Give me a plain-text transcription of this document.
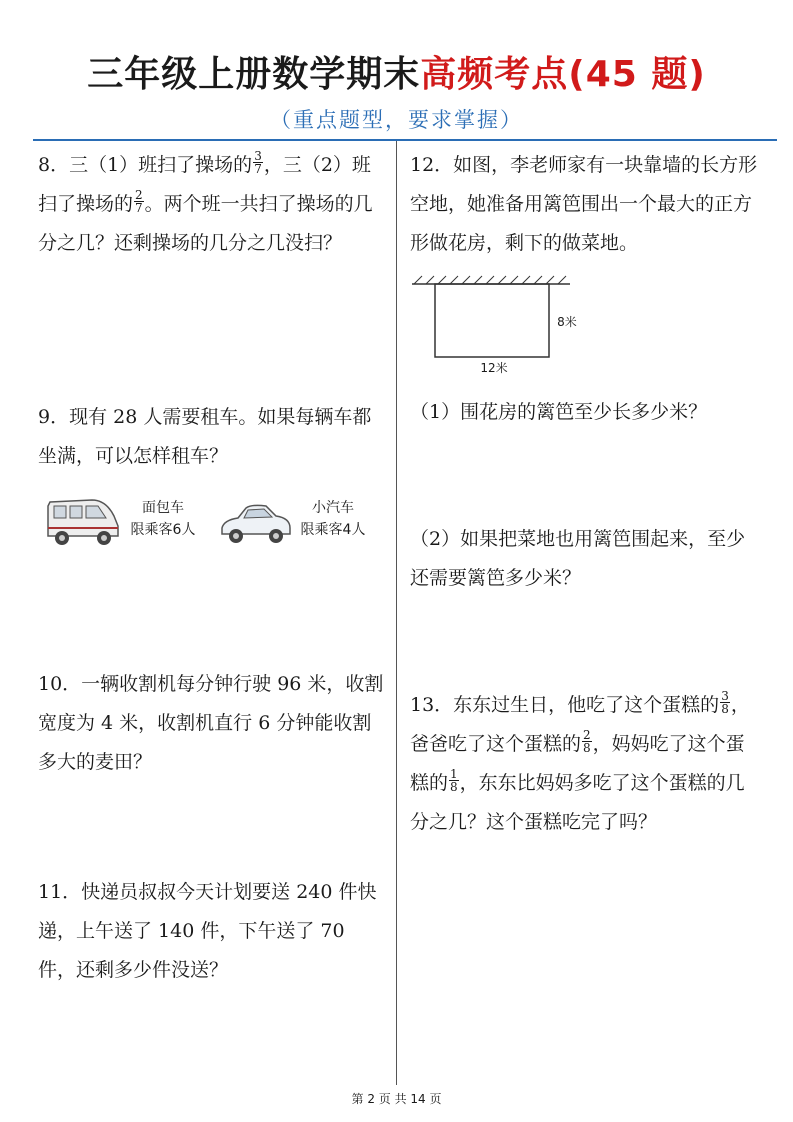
三年级上册数学期末高频考点(45 题)
（重点题型，要求掌握）
8．三（1）班扫了操场的 $\frac{3}{7}$ ，三（2）班扫了操场的 $\frac{2}{7}$ 。两个班一共扫了操场的几分之几？还剩操场的几分之几没扫？
9．现有 28 人需要租车。如果每辆车都坐满，可以怎样租车？
面包车
限乘客6人
小汽车
限乘客4人
10．一辆收割机每分钟行驶 96 米，收割宽度为 4 米，收割机直行 6 分钟能收割多大的麦田？
11．快递员叔叔今天计划要送 240 件快递，上午送了 140 件，下午送了 70 件，还剩多少件没送？
12．如图，李老师家有一块靠墙的长方形空地，她准备用篱笆围出一个最大的正方形做花房，剩下的做菜地。
8米
12米
（1）围花房的篱笆至少长多少米？
（2）如果把菜地也用篱笆围起来，至少还需要篱笆多少米？
13．东东过生日，他吃了这个蛋糕的 $\frac{3}{8}$ ，爸爸吃了这个蛋糕的 $\frac{2}{8}$ ，妈妈吃了这个蛋糕的 $\frac{1}{8}$ ，东东比妈妈多吃了这个蛋糕的几分之几？这个蛋糕吃完了吗？
第 2 页 共 14 页
